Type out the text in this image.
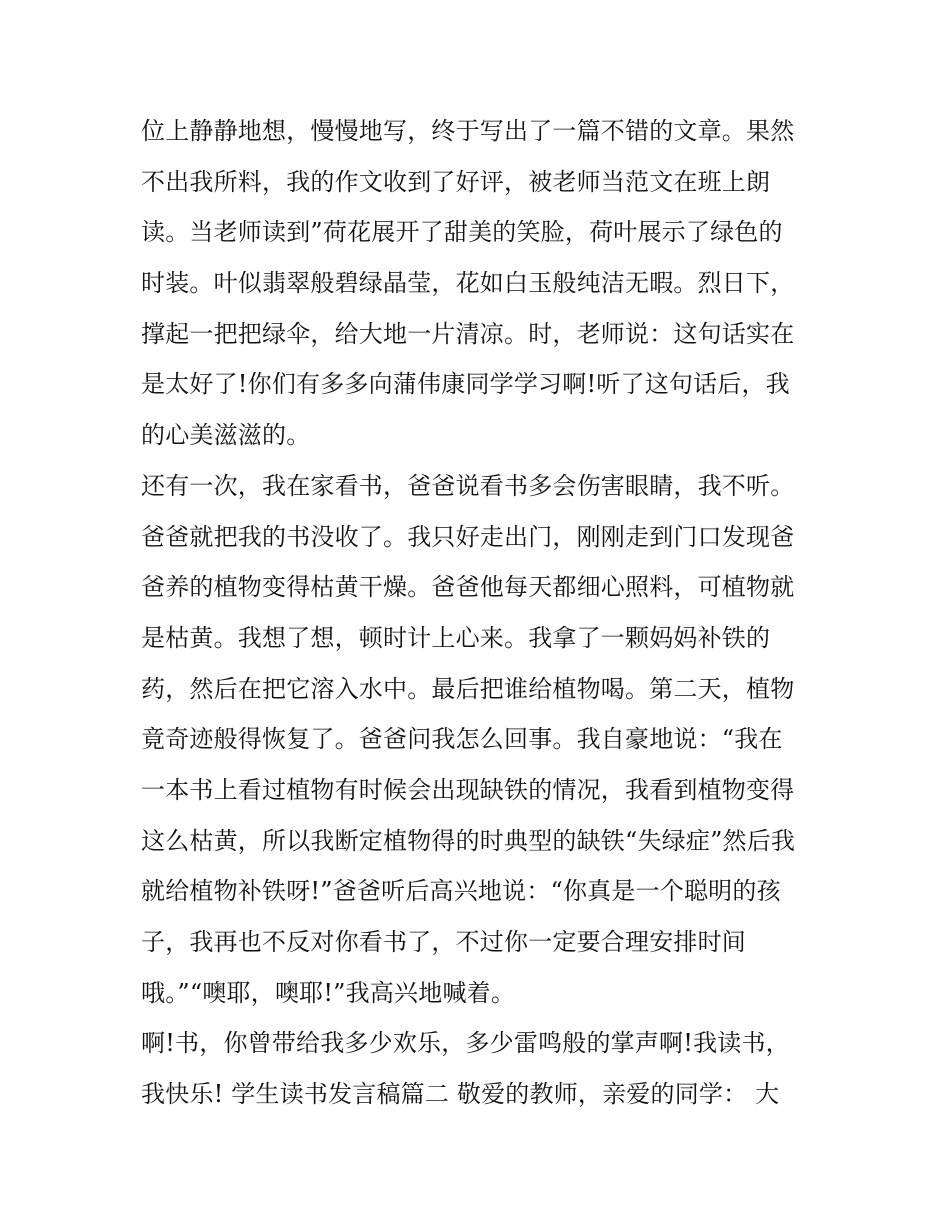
位上静静地想，慢慢地写，终于写出了一篇不错的文章。果然
不出我所料，我的作文收到了好评，被老师当范文在班上朗
读。当老师读到”荷花展开了甜美的笑脸，荷叶展示了绿色的
时装。叶似翡翠般碧绿晶莹，花如白玉般纯洁无暇。烈日下，
撑起一把把绿伞，给大地一片清凉。时，老师说：这句话实在
是太好了!你们有多多向蒲伟康同学学习啊!听了这句话后，我
的心美滋滋的。
还有一次，我在家看书，爸爸说看书多会伤害眼睛，我不听。
爸爸就把我的书没收了。我只好走出门，刚刚走到门口发现爸
爸养的植物变得枯黄干燥。爸爸他每天都细心照料，可植物就
是枯黄。我想了想，顿时计上心来。我拿了一颗妈妈补铁的
药，然后在把它溶入水中。最后把谁给植物喝。第二天，植物
竟奇迹般得恢复了。爸爸问我怎么回事。我自豪地说：“我在
一本书上看过植物有时候会出现缺铁的情况，我看到植物变得
这么枯黄，所以我断定植物得的时典型的缺铁“失绿症”然后我
就给植物补铁呀!”爸爸听后高兴地说：“你真是一个聪明的孩
子，我再也不反对你看书了，不过你一定要合理安排时间
哦。”“噢耶，噢耶!”我高兴地喊着。
啊!书，你曾带给我多少欢乐，多少雷鸣般的掌声啊!我读书，
我快乐! 学生读书发言稿篇二 敬爱的教师，亲爱的同学： 大
